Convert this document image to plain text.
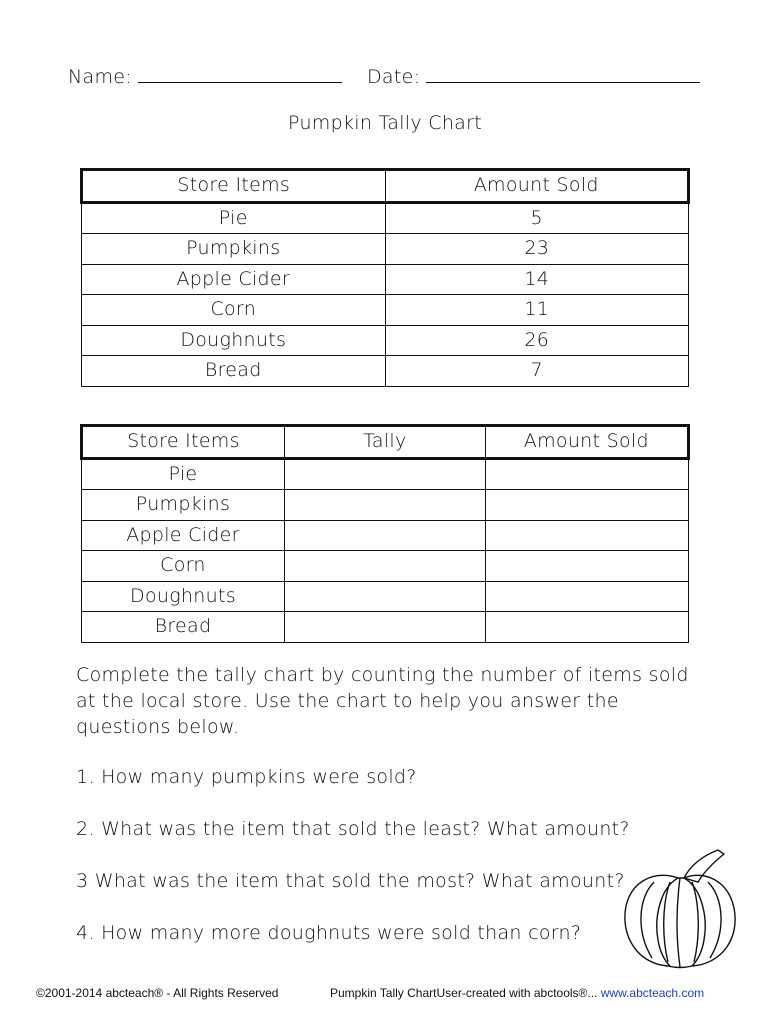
Name:	Date:
Pumpkin Tally Chart
Store Items	Amount Sold
Pie	5
Pumpkins	23
Apple Cider	14
Corn	11
Doughnuts	26
Bread	7
Store Items	Tally	Amount Sold
Pie		
Pumpkins		
Apple Cider		
Corn		
Doughnuts		
Bread		
Complete the tally chart by counting the number of items sold at the local store. Use the chart to help you answer the questions below.
1. How many pumpkins were sold?
2. What was the item that sold the least? What amount?
3 What was the item that sold the most? What amount?
4. How many more doughnuts were sold than corn?
©2001-2014 abcteach® - All Rights Reserved	Pumpkin Tally ChartUser-created with abctools®... www.abcteach.com
